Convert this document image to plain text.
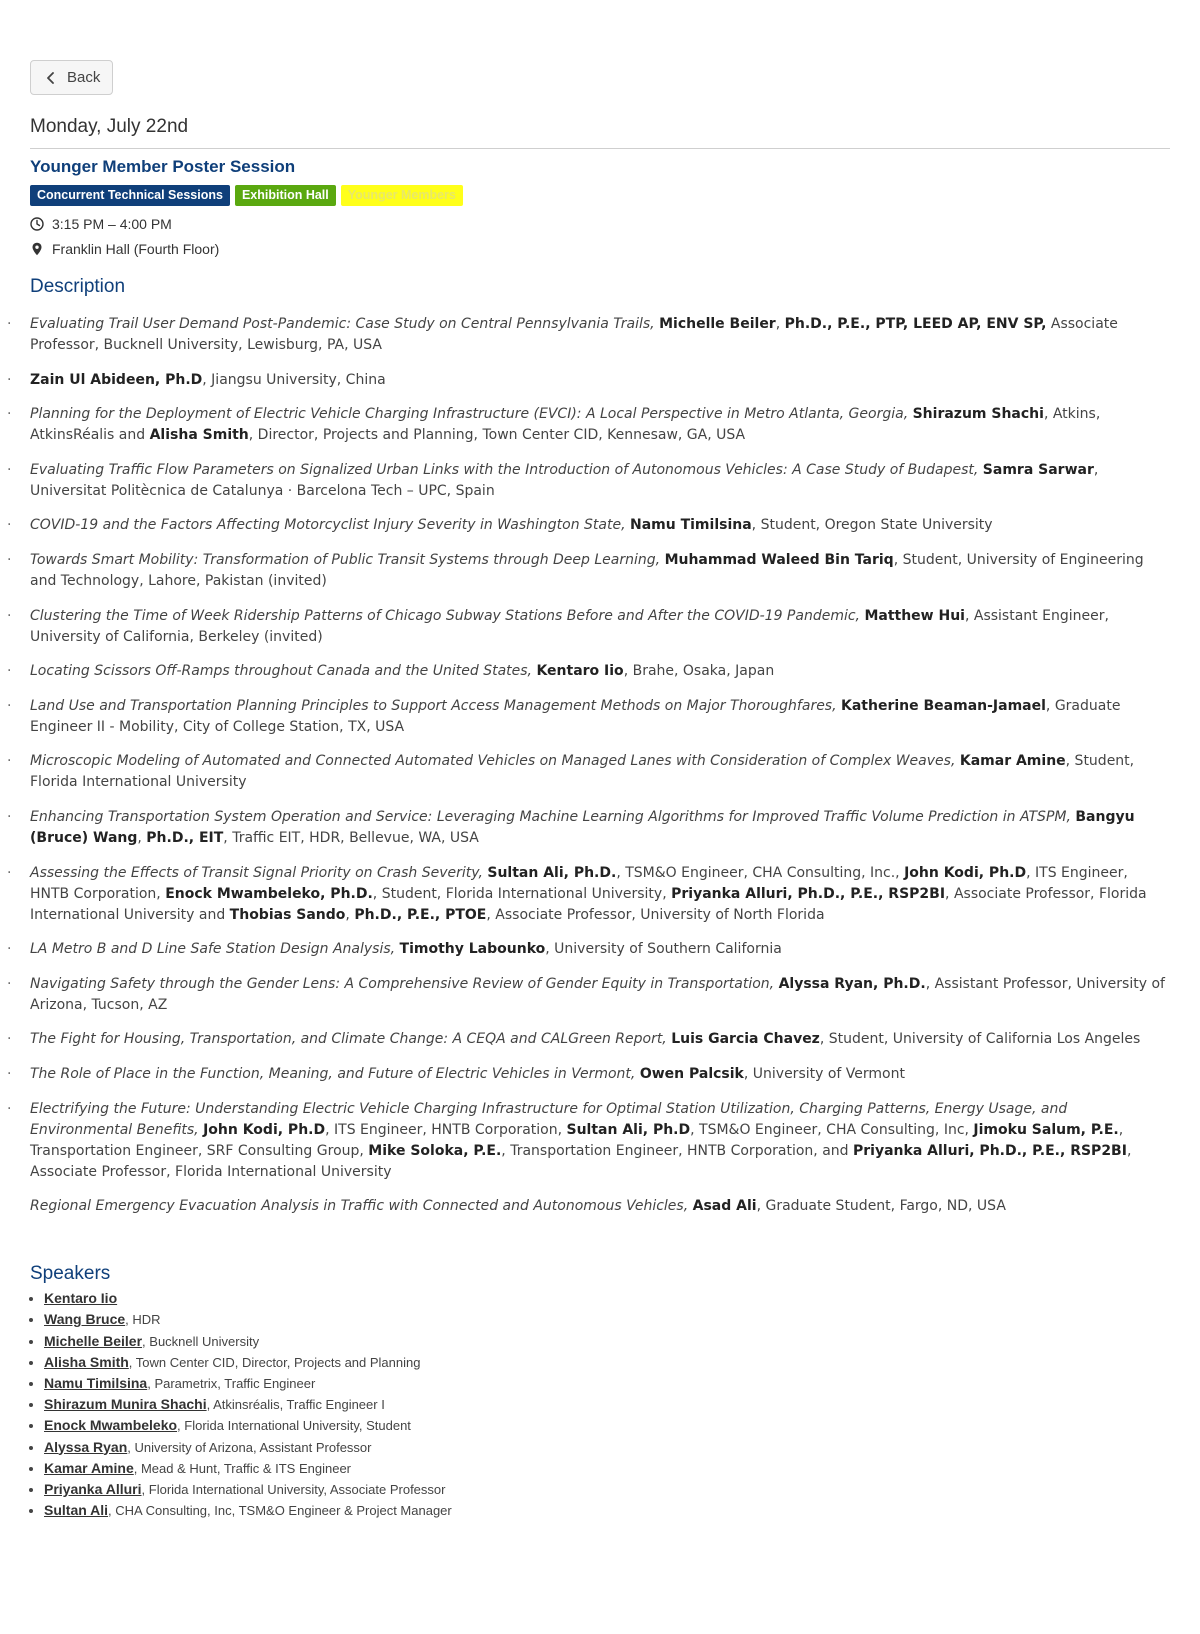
Back
Monday, July 22nd
Younger Member Poster Session
Concurrent Technical Sessions	Exhibition Hall	Younger Members
3:15 PM – 4:00 PM
Franklin Hall (Fourth Floor)
Description
· Evaluating Trail User Demand Post-Pandemic: Case Study on Central Pennsylvania Trails, Michelle Beiler, Ph.D., P.E., PTP, LEED AP, ENV SP, Associate Professor, Bucknell University, Lewisburg, PA, USA
· Zain Ul Abideen, Ph.D, Jiangsu University, China
· Planning for the Deployment of Electric Vehicle Charging Infrastructure (EVCI): A Local Perspective in Metro Atlanta, Georgia, Shirazum Shachi, Atkins, AtkinsRéalis and Alisha Smith, Director, Projects and Planning, Town Center CID, Kennesaw, GA, USA
· Evaluating Traffic Flow Parameters on Signalized Urban Links with the Introduction of Autonomous Vehicles: A Case Study of Budapest, Samra Sarwar, Universitat Politècnica de Catalunya · Barcelona Tech – UPC, Spain
· COVID-19 and the Factors Affecting Motorcyclist Injury Severity in Washington State, Namu Timilsina, Student, Oregon State University
· Towards Smart Mobility: Transformation of Public Transit Systems through Deep Learning, Muhammad Waleed Bin Tariq, Student, University of Engineering and Technology, Lahore, Pakistan (invited)
· Clustering the Time of Week Ridership Patterns of Chicago Subway Stations Before and After the COVID-19 Pandemic, Matthew Hui, Assistant Engineer, University of California, Berkeley (invited)
· Locating Scissors Off-Ramps throughout Canada and the United States, Kentaro Iio, Brahe, Osaka, Japan
· Land Use and Transportation Planning Principles to Support Access Management Methods on Major Thoroughfares, Katherine Beaman-Jamael, Graduate Engineer II - Mobility, City of College Station, TX, USA
· Microscopic Modeling of Automated and Connected Automated Vehicles on Managed Lanes with Consideration of Complex Weaves, Kamar Amine, Student, Florida International University
· Enhancing Transportation System Operation and Service: Leveraging Machine Learning Algorithms for Improved Traffic Volume Prediction in ATSPM, Bangyu (Bruce) Wang, Ph.D., EIT, Traffic EIT, HDR, Bellevue, WA, USA
· Assessing the Effects of Transit Signal Priority on Crash Severity, Sultan Ali, Ph.D., TSM&O Engineer, CHA Consulting, Inc., John Kodi, Ph.D, ITS Engineer, HNTB Corporation, Enock Mwambeleko, Ph.D., Student, Florida International University, Priyanka Alluri, Ph.D., P.E., RSP2BI, Associate Professor, Florida International University and Thobias Sando, Ph.D., P.E., PTOE, Associate Professor, University of North Florida
· LA Metro B and D Line Safe Station Design Analysis, Timothy Labounko, University of Southern California
· Navigating Safety through the Gender Lens: A Comprehensive Review of Gender Equity in Transportation, Alyssa Ryan, Ph.D., Assistant Professor, University of Arizona, Tucson, AZ
· The Fight for Housing, Transportation, and Climate Change: A CEQA and CALGreen Report, Luis Garcia Chavez, Student, University of California Los Angeles
· The Role of Place in the Function, Meaning, and Future of Electric Vehicles in Vermont, Owen Palcsik, University of Vermont
· Electrifying the Future: Understanding Electric Vehicle Charging Infrastructure for Optimal Station Utilization, Charging Patterns, Energy Usage, and Environmental Benefits, John Kodi, Ph.D, ITS Engineer, HNTB Corporation, Sultan Ali, Ph.D, TSM&O Engineer, CHA Consulting, Inc, Jimoku Salum, P.E., Transportation Engineer, SRF Consulting Group, Mike Soloka, P.E., Transportation Engineer, HNTB Corporation, and Priyanka Alluri, Ph.D., P.E., RSP2BI, Associate Professor, Florida International University
Regional Emergency Evacuation Analysis in Traffic with Connected and Autonomous Vehicles, Asad Ali, Graduate Student, Fargo, ND, USA
Speakers
• Kentaro Iio
• Wang Bruce, HDR
• Michelle Beiler, Bucknell University
• Alisha Smith, Town Center CID, Director, Projects and Planning
• Namu Timilsina, Parametrix, Traffic Engineer
• Shirazum Munira Shachi, Atkinsréalis, Traffic Engineer I
• Enock Mwambeleko, Florida International University, Student
• Alyssa Ryan, University of Arizona, Assistant Professor
• Kamar Amine, Mead & Hunt, Traffic & ITS Engineer
• Priyanka Alluri, Florida International University, Associate Professor
• Sultan Ali, CHA Consulting, Inc, TSM&O Engineer & Project Manager
